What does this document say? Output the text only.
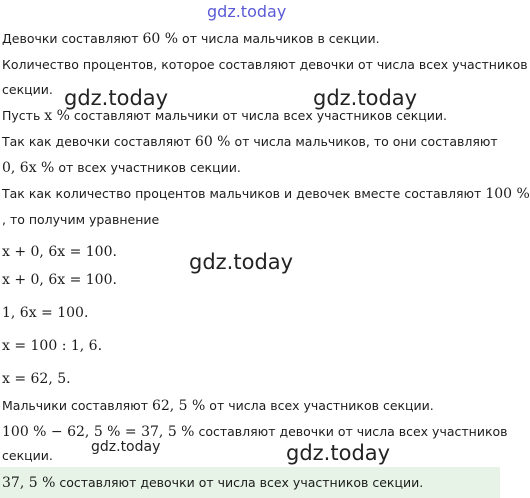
gdz.today
Девочки составляют 60 % от числа мальчиков в секции.
Количество процентов, которое составляют девочки от числа всех участников
секции. gdz.today	gdz.today
Пусть x % составляют мальчики от числа всех участников секции.
Так как девочки составляют 60 % от числа мальчиков, то они составляют
0, 6x % от всех участников секции.
Так как количество процентов мальчиков и девочек вместе составляют 100 %
, то получим уравнение
x + 0, 6x = 100.	gdz.today
x + 0, 6x = 100.
1, 6x = 100.
x = 100 : 1, 6.
x = 62, 5.
Мальчики составляют 62, 5 % от числа всех участников секции.
100 % − 62, 5 % = 37, 5 % составляют девочки от числа всех участников
gdz.today
секции.	gdz.today
37, 5 % составляют девочки от числа всех участников секции.
